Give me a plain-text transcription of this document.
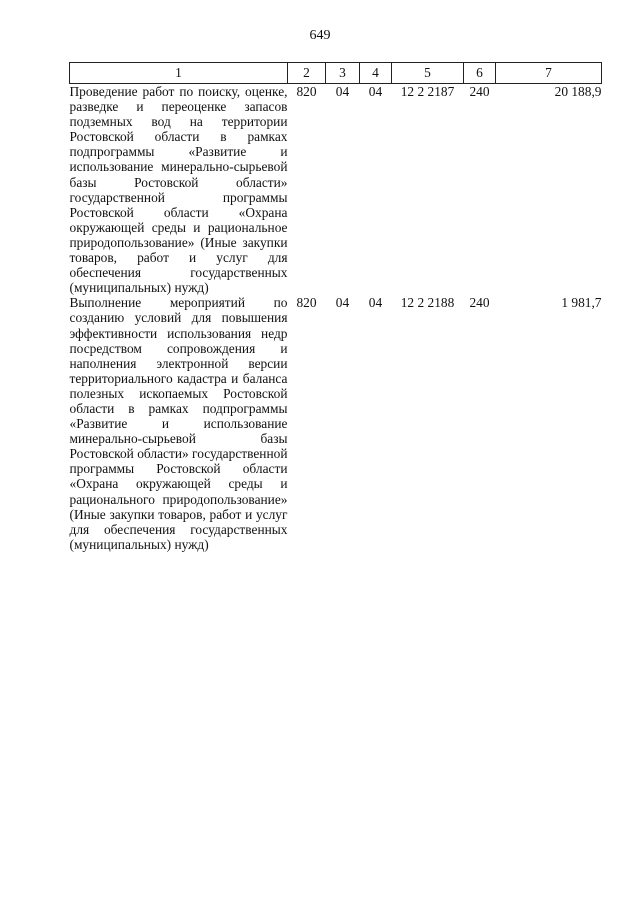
649
1	2	3	4	5	6	7
Проведение работ по поиску, оценке, разведке и переоценке запасов подземных вод на территории Ростовской области в рамках подпрограммы «Развитие и использование минерально-сырьевой базы Ростовской области» государственной программы Ростовской области «Охрана окружающей среды и рациональное природопользование» (Иные закупки товаров, работ и услуг для обеспечения государственных (муниципальных) нужд)	820	04	04	12 2 2187	240	20 188,9
Выполнение мероприятий по созданию условий для повышения эффективности использования недр посредством сопровождения и наполнения электронной версии территориального кадастра и баланса полезных ископаемых Ростовской области в рамках подпрограммы «Развитие и использование минерально-сырьевой базы Ростовской области» государственной программы Ростовской области «Охрана окружающей среды и рационального природопользование» (Иные закупки товаров, работ и услуг для обеспечения государственных (муниципальных) нужд)	820	04	04	12 2 2188	240	1 981,7
